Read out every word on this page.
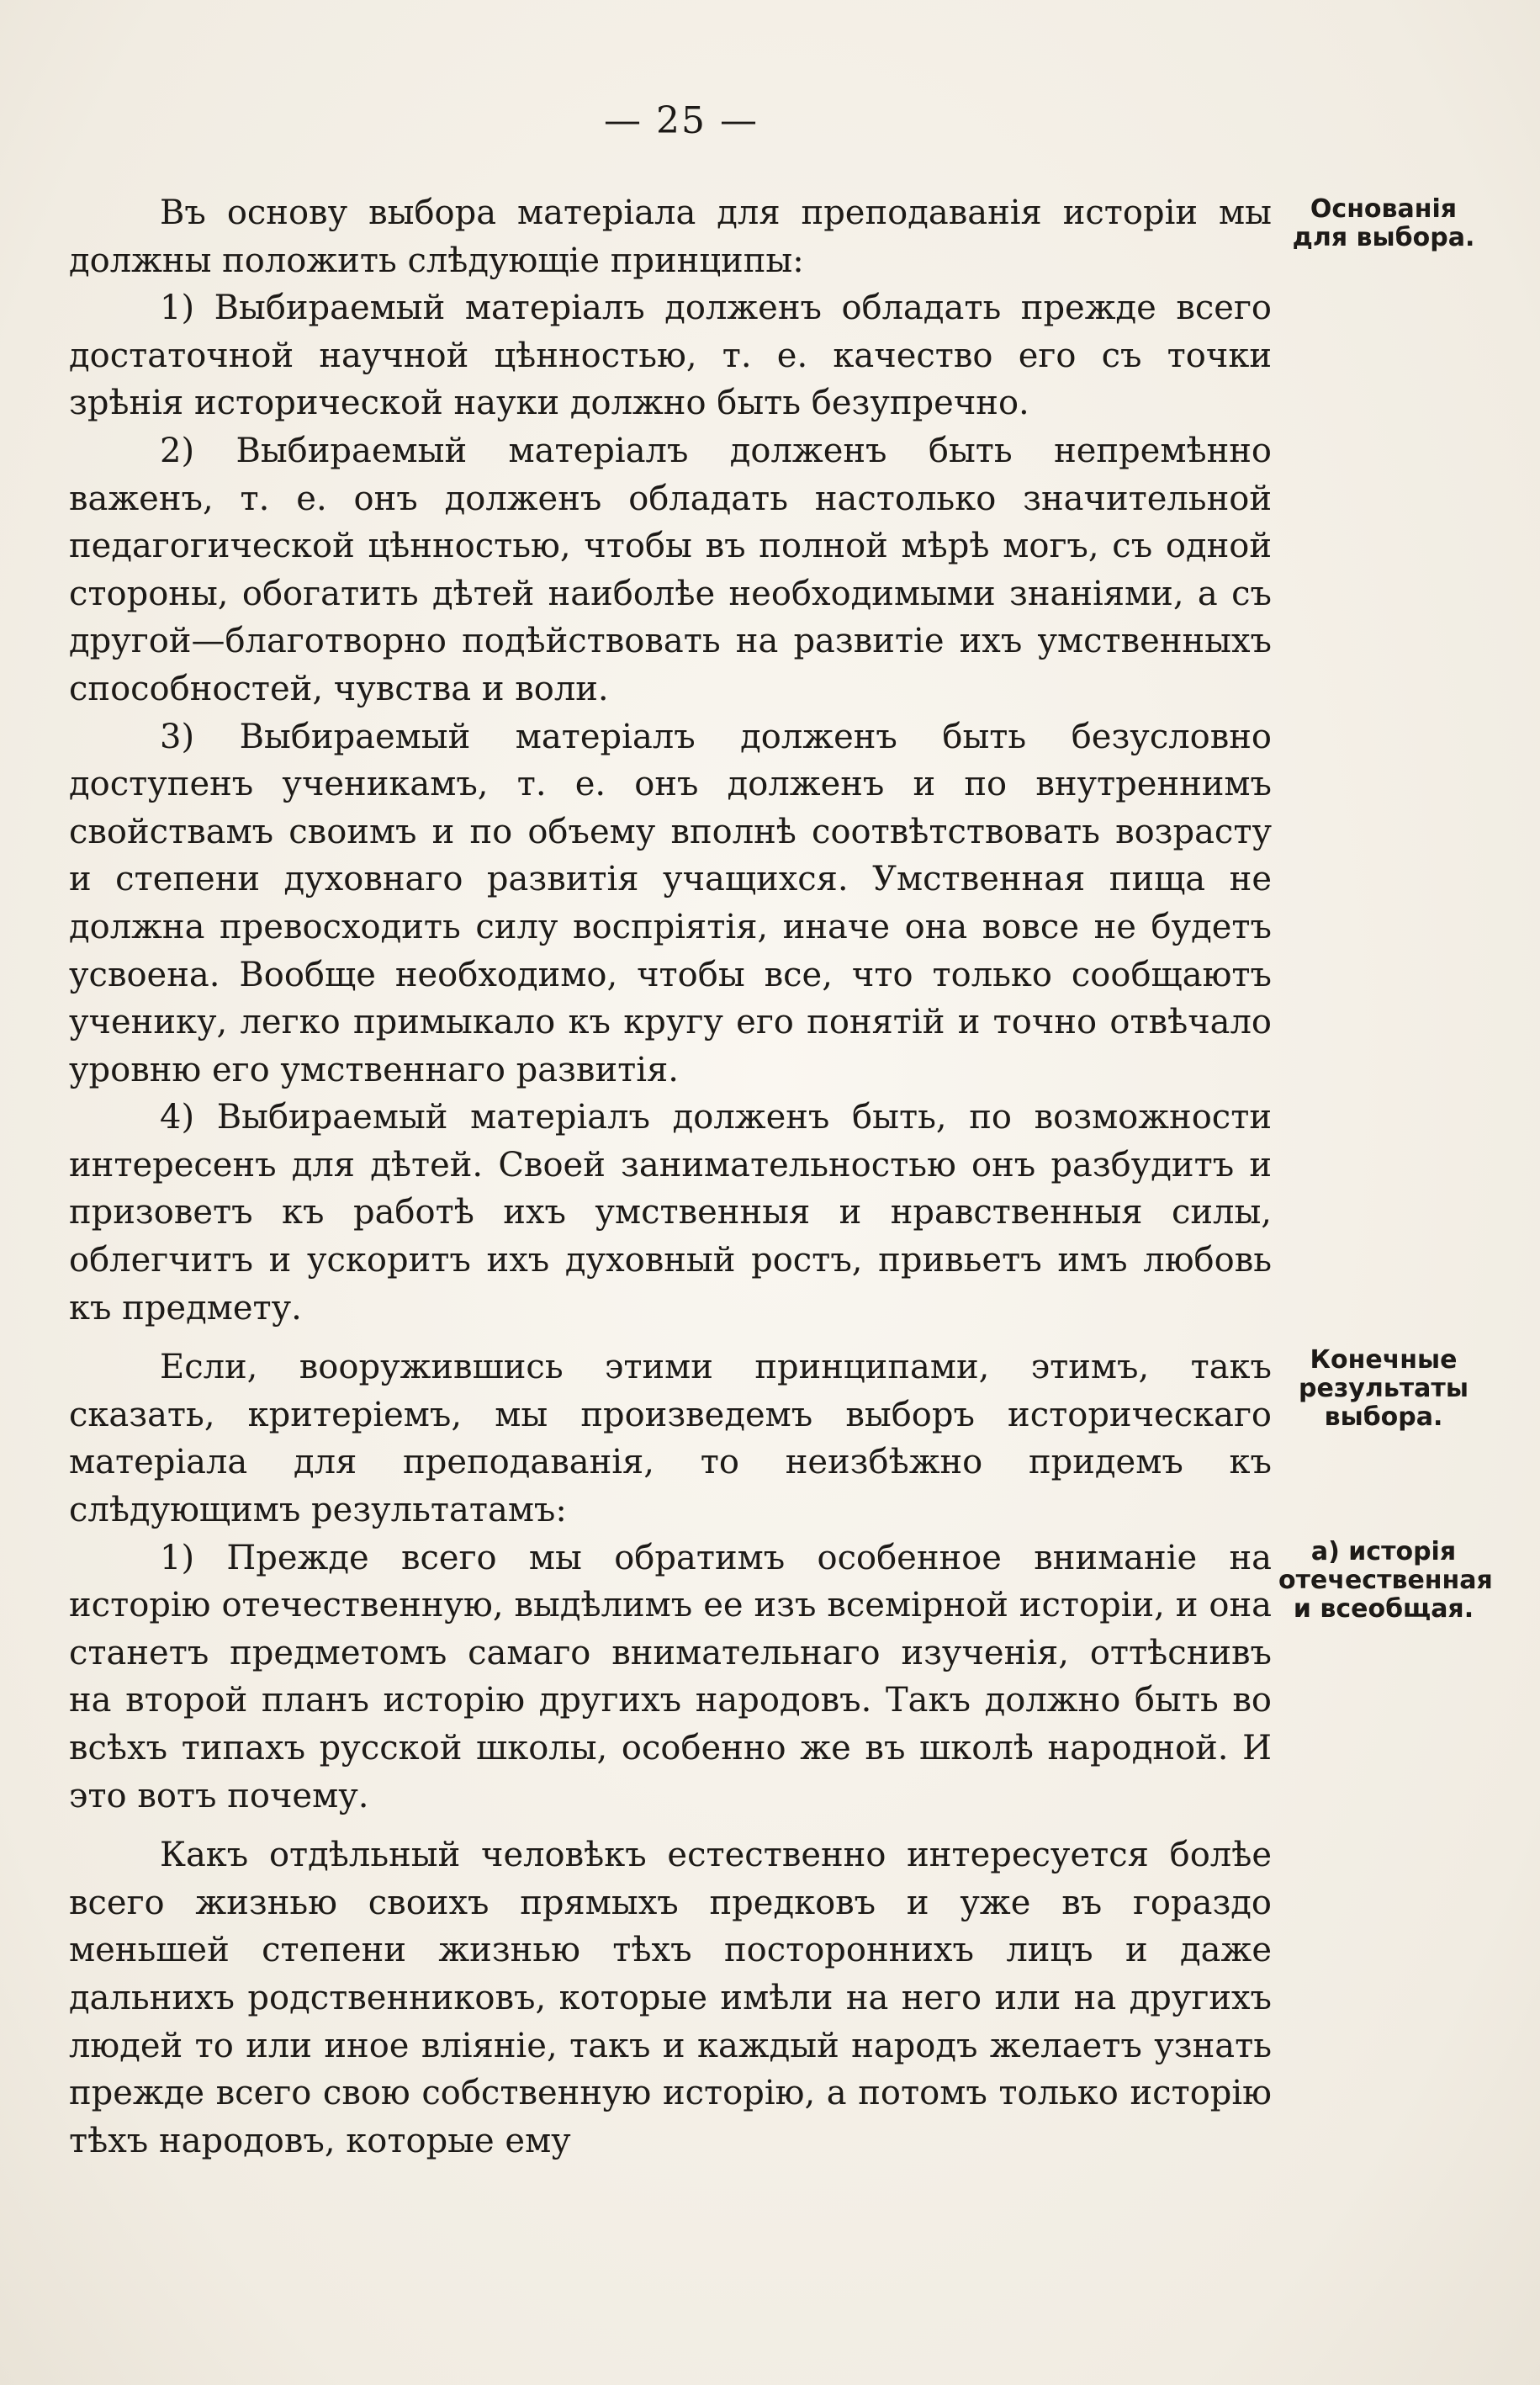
— 25 —
Основанія для выбора.
Конечные результаты выбора.
а) исторія отечественная и всеобщая.

Въ основу выбора матеріала для преподаванія исторіи мы должны положить слѣдующіе принципы:

1) Выбираемый матеріалъ долженъ обладать прежде всего достаточной научной цѣнностью, т. е. качество его съ точки зрѣнія исторической науки должно быть безупречно.

2) Выбираемый матеріалъ долженъ быть непремѣнно важенъ, т. е. онъ долженъ обладать настолько значительной педагогической цѣнностью, чтобы въ полной мѣрѣ могъ, съ одной стороны, обогатить дѣтей наиболѣе необходимыми знаніями, а съ другой—благотворно подѣйствовать на развитіе ихъ умственныхъ способностей, чувства и воли.

3) Выбираемый матеріалъ долженъ быть безусловно доступенъ ученикамъ, т. е. онъ долженъ и по внутреннимъ свойствамъ своимъ и по объему вполнѣ соотвѣтствовать возрасту и степени духовнаго развитія учащихся. Умственная пища не должна превосходить силу воспріятія, иначе она вовсе не будетъ усвоена. Вообще необходимо, чтобы все, что только сообщаютъ ученику, легко примыкало къ кругу его понятій и точно отвѣчало уровню его умственнаго развитія.

4) Выбираемый матеріалъ долженъ быть, по возможности интересенъ для дѣтей. Своей занимательностью онъ разбудитъ и призоветъ къ работѣ ихъ умственныя и нравственныя силы, облегчитъ и ускоритъ ихъ духовный ростъ, привьетъ имъ любовь къ предмету.

Если, вооружившись этими принципами, этимъ, такъ сказать, критеріемъ, мы произведемъ выборъ историческаго матеріала для преподаванія, то неизбѣжно придемъ къ слѣдующимъ результатамъ:

1) Прежде всего мы обратимъ особенное вниманіе на исторію отечественную, выдѣлимъ ее изъ всемірной исторіи, и она станетъ предметомъ самаго внимательнаго изученія, оттѣснивъ на второй планъ исторію другихъ народовъ. Такъ должно быть во всѣхъ типахъ русской школы, особенно же въ школѣ народной. И это вотъ почему.

Какъ отдѣльный человѣкъ естественно интересуется болѣе всего жизнью своихъ прямыхъ предковъ и уже въ гораздо меньшей степени жизнью тѣхъ постороннихъ лицъ и даже дальнихъ родственниковъ, которые имѣли на него или на другихъ людей то или иное вліяніе, такъ и каждый народъ желаетъ узнать прежде всего свою собственную исторію, а потомъ только исторію тѣхъ народовъ, которые ему
